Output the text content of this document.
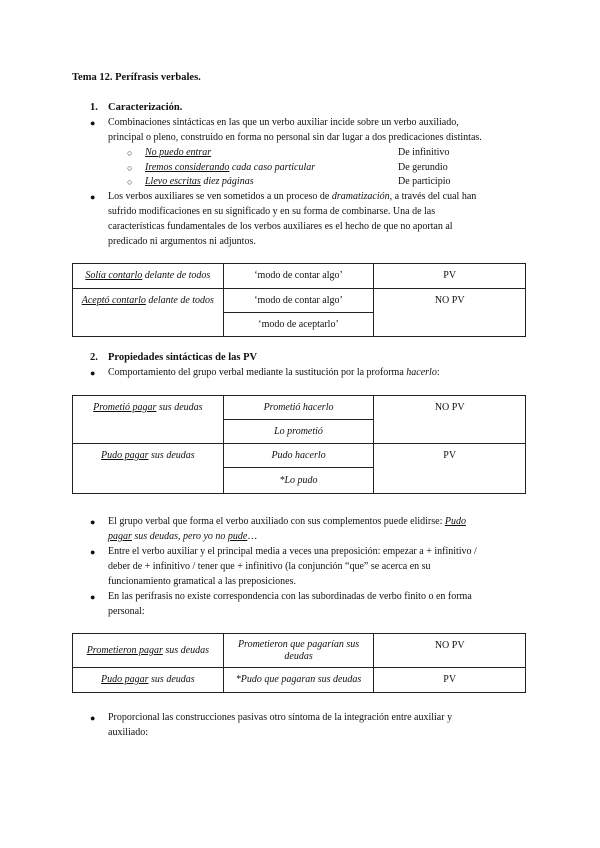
Tema 12. Perífrasis verbales.
1. Caracterización.
● Combinaciones sintácticas en las que un verbo auxiliar incide sobre un verbo auxiliado,
principal o pleno, construido en forma no personal sin dar lugar a dos predicaciones distintas.
○ No puedo entrar	De infinitivo
○ Iremos considerando cada caso particular	De gerundio
○ Llevo escritas diez páginas	De participio
● Los verbos auxiliares se ven sometidos a un proceso de dramatización, a través del cual han
sufrido modificaciones en su significado y en su forma de combinarse. Una de las
características fundamentales de los verbos auxiliares es el hecho de que no aportan al
predicado ni argumentos ni adjuntos.
Solía contarlo delante de todos	‘modo de contar algo’	PV
Aceptó contarlo delante de todos	‘modo de contar algo’	NO PV
	‘modo de aceptarlo’	
2. Propiedades sintácticas de las PV
● Comportamiento del grupo verbal mediante la sustitución por la proforma hacerlo:
Prometió pagar sus deudas	Prometió hacerlo	NO PV
	Lo prometió	
Pudo pagar sus deudas	Pudo hacerlo	PV
	*Lo pudo	
● El grupo verbal que forma el verbo auxiliado con sus complementos puede elidirse: Pudo
pagar sus deudas, pero yo no pude…
● Entre el verbo auxiliar y el principal media a veces una preposición: empezar a + infinitivo /
deber de + infinitivo / tener que + infinitivo (la conjunción “que” se acerca en su
funcionamiento gramatical a las preposiciones.
● En las perífrasis no existe correspondencia con las subordinadas de verbo finito o en forma
personal:
Prometieron pagar sus deudas	Prometieron que pagarían sus deudas	NO PV
Pudo pagar sus deudas	*Pudo que pagaran sus deudas	PV
● Proporcional las construcciones pasivas otro síntoma de la integración entre auxiliar y
auxiliado:
